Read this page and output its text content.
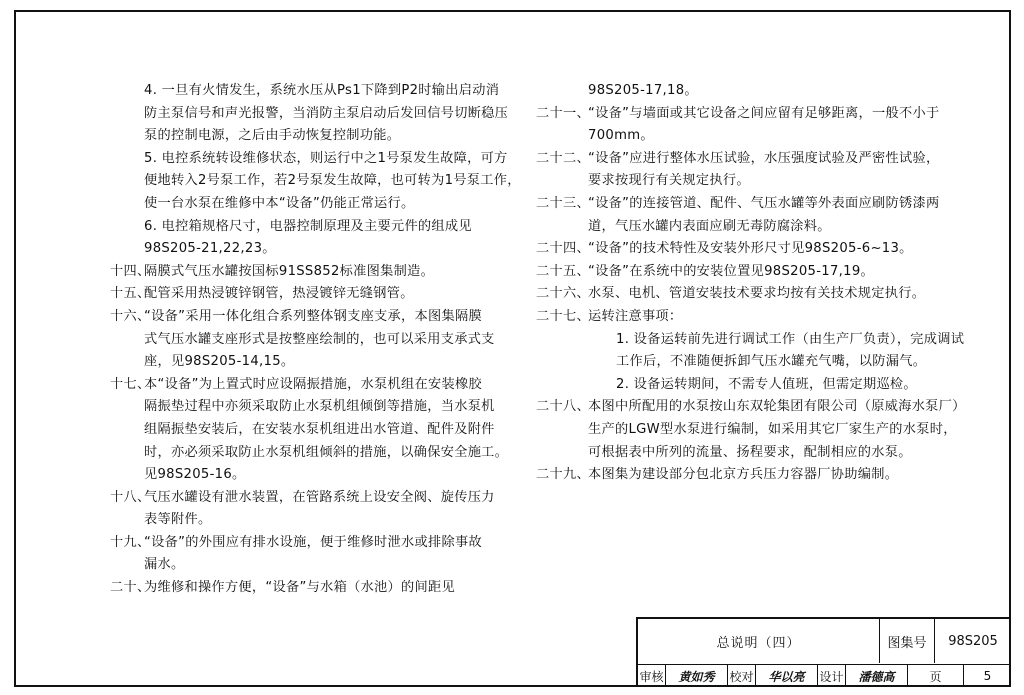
4. 一旦有火情发生，系统水压从Ps1下降到P2时输出启动消
防主泵信号和声光报警，当消防主泵启动后发回信号切断稳压
泵的控制电源，之后由手动恢复控制功能。
5. 电控系统转设维修状态，则运行中之1号泵发生故障，可方
便地转入2号泵工作，若2号泵发生故障，也可转为1号泵工作，
使一台水泵在维修中本“设备”仍能正常运行。
6. 电控箱规格尺寸，电器控制原理及主要元件的组成见
98S205-21,22,23。
十四、
隔膜式气压水罐按国标91SS852标准图集制造。
十五、
配管采用热浸镀锌钢管，热浸镀锌无缝钢管。
十六、
“设备”采用一体化组合系列整体钢支座支承，本图集隔膜
式气压水罐支座形式是按整座绘制的，也可以采用支承式支
座，见98S205-14,15。
十七、
本“设备”为上置式时应设隔振措施，水泵机组在安装橡胶
隔振垫过程中亦须采取防止水泵机组倾倒等措施，当水泵机
组隔振垫安装后，在安装水泵机组进出水管道、配件及附件
时，亦必须采取防止水泵机组倾斜的措施，以确保安全施工。
见98S205-16。
十八、
气压水罐设有泄水装置，在管路系统上设安全阀、旋传压力
表等附件。
十九、
“设备”的外围应有排水设施，便于维修时泄水或排除事故
漏水。
二十、
为维修和操作方便，“设备”与水箱（水池）的间距见
98S205-17,18。
二十一、
“设备”与墙面或其它设备之间应留有足够距离，一般不小于
700mm。
二十二、
“设备”应进行整体水压试验，水压强度试验及严密性试验，
要求按现行有关规定执行。
二十三、
“设备”的连接管道、配件、气压水罐等外表面应刷防锈漆两
道，气压水罐内表面应刷无毒防腐涂料。
二十四、
“设备”的技术特性及安装外形尺寸见98S205-6~13。
二十五、
“设备”在系统中的安装位置见98S205-17,19。
二十六、
水泵、电机、管道安装技术要求均按有关技术规定执行。
二十七、
运转注意事项：
1. 设备运转前先进行调试工作（由生产厂负责），完成调试
工作后，不准随便拆卸气压水罐充气嘴，以防漏气。
2. 设备运转期间，不需专人值班，但需定期巡检。
二十八、
本图中所配用的水泵按山东双轮集团有限公司（原威海水泵厂）
生产的LGW型水泵进行编制，如采用其它厂家生产的水泵时，
可根据表中所列的流量、扬程要求，配制相应的水泵。
二十九、
本图集为建设部分包北京方兵压力容器厂协助编制。
总说明（四）	图集号	98S205
审核	黄如秀	校对	华以亮	设计	潘德高	页	5
